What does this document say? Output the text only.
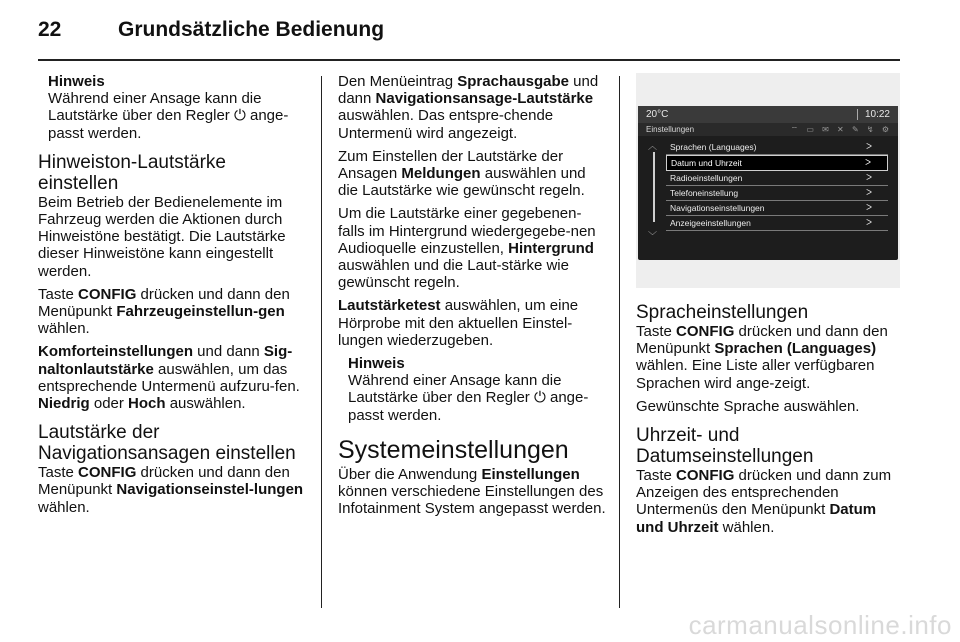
22	Grundsätzliche Bedienung
Hinweis
Während einer Ansage kann die Lautstärke über den Regler ⏻ ange-passt werden.
Hinweiston-Lautstärke einstellen

Beim Betrieb der Bedienelemente im Fahrzeug werden die Aktionen durch Hinweistöne bestätigt. Die Lautstärke dieser Hinweistöne kann eingestellt werden.

Taste CONFIG drücken und dann den Menüpunkt Fahrzeugeinstellun-gen wählen.

Komforteinstellungen und dann Sig-naltonlautstärke auswählen, um das entsprechende Untermenü aufzuru-fen. Niedrig oder Hoch auswählen.

Lautstärke der Navigationsansagen einstellen

Taste CONFIG drücken und dann den Menüpunkt Navigationseinstel-lungen wählen.

Den Menüeintrag Sprachausgabe und dann Navigationsansage-Lautstärke auswählen. Das entspre-chende Untermenü wird angezeigt.

Zum Einstellen der Lautstärke der Ansagen Meldungen auswählen und die Lautstärke wie gewünscht regeln.

Um die Lautstärke einer gegebenen-falls im Hintergrund wiedergegebe-nen Audioquelle einzustellen, Hintergrund auswählen und die Laut-stärke wie gewünscht regeln.

Lautstärketest auswählen, um eine Hörprobe mit den aktuellen Einstel-lungen wiederzugeben.

Hinweis
Während einer Ansage kann die Lautstärke über den Regler ⏻ ange-passt werden.
Systemeinstellungen

Über die Anwendung Einstellungen können verschiedene Einstellungen des Infotainment System angepasst werden.

20°C	10:22
Einstellungen	⌔ ▭ ✉ ✕ ✎ ↯ ⚙
︿
﹀
Sprachen (Languages)	ᐳ
Datum und Uhrzeit	ᐳ
Radioeinstellungen	ᐳ
Telefoneinstellung	ᐳ
Navigationseinstellungen	ᐳ
Anzeigeeinstellungen	ᐳ
Spracheinstellungen

Taste CONFIG drücken und dann den Menüpunkt Sprachen (Languages) wählen. Eine Liste aller verfügbaren Sprachen wird ange-zeigt.

Gewünschte Sprache auswählen.

Uhrzeit- und Datumseinstellungen

Taste CONFIG drücken und dann zum Anzeigen des entsprechenden Untermenüs den Menüpunkt Datum und Uhrzeit wählen.

carmanualsonline.info
